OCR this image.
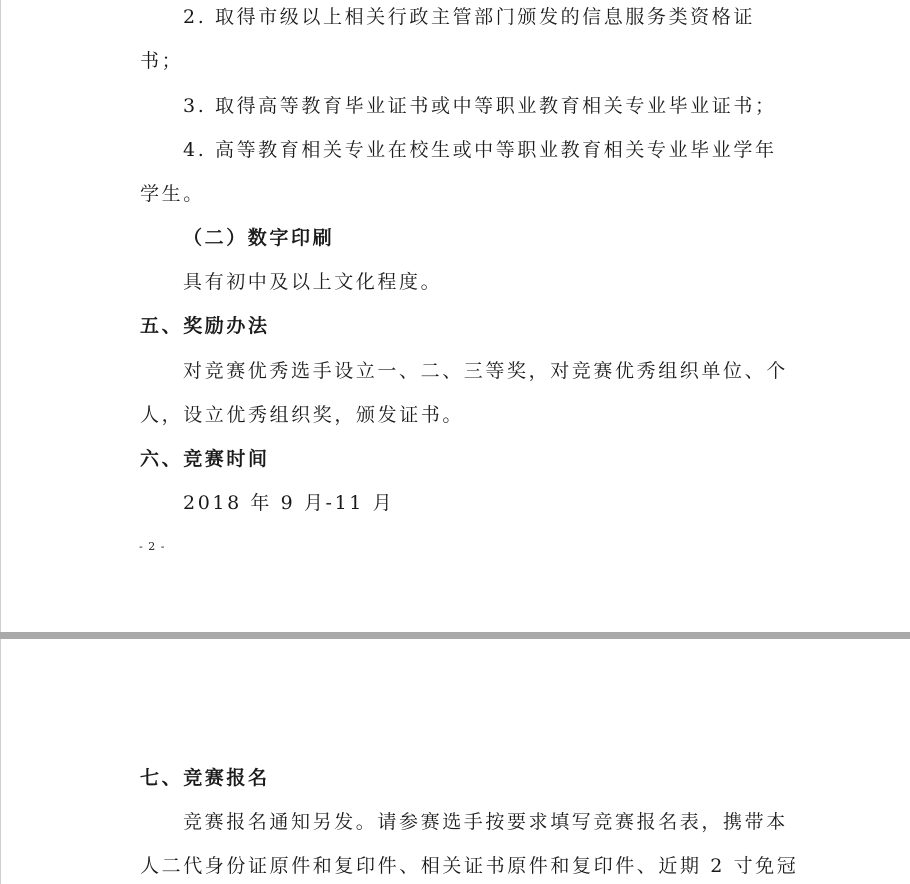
2. 取得市级以上相关行政主管部门颁发的信息服务类资格证
书；
3. 取得高等教育毕业证书或中等职业教育相关专业毕业证书；
4. 高等教育相关专业在校生或中等职业教育相关专业毕业学年
学生。
（二）数字印刷
具有初中及以上文化程度。
五、奖励办法
对竞赛优秀选手设立一、二、三等奖，对竞赛优秀组织单位、个
人，设立优秀组织奖，颁发证书。
六、竞赛时间
2018 年 9 月-11 月
- 2 -
七、竞赛报名
竞赛报名通知另发。请参赛选手按要求填写竞赛报名表，携带本
人二代身份证原件和复印件、相关证书原件和复印件、近期 2 寸免冠
